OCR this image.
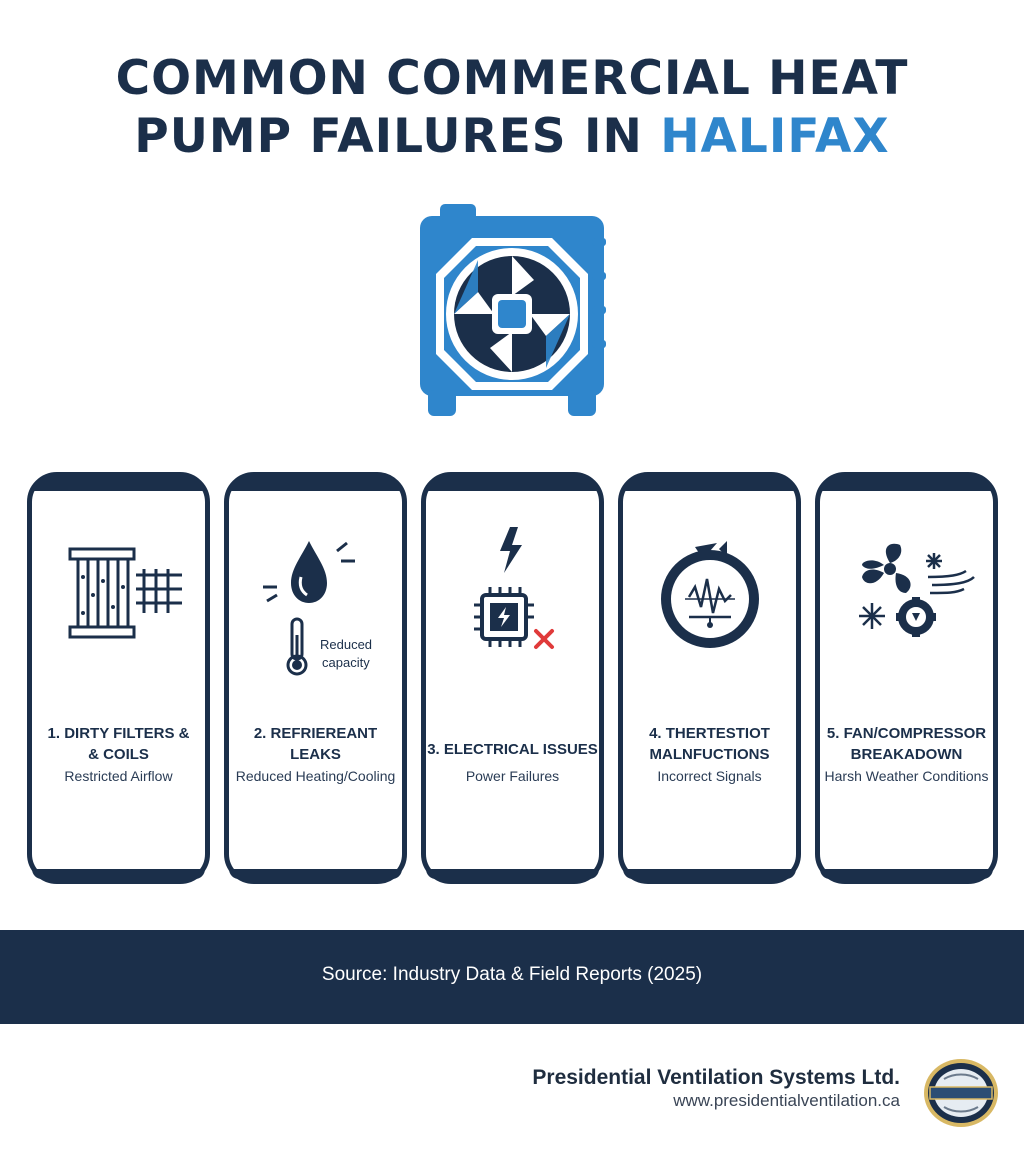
COMMON COMMERCIAL HEAT
PUMP FAILURES IN HALIFAX
1. DIRTY FILTERS &
& COILS
Restricted Airflow
Reduced
capacity
2. REFRIEREANT
LEAKS
Reduced Heating/Cooling
3. ELECTRICAL ISSUES
Power Failures
4. THERTESTIOT
MALNFUCTIONS
Incorrect Signals
5. FAN/COMPRESSOR
BREAKADOWN
Harsh Weather Conditions
Source: Industry Data & Field Reports (2025)
Presidential Ventilation Systems Ltd.
www.presidentialventilation.ca
